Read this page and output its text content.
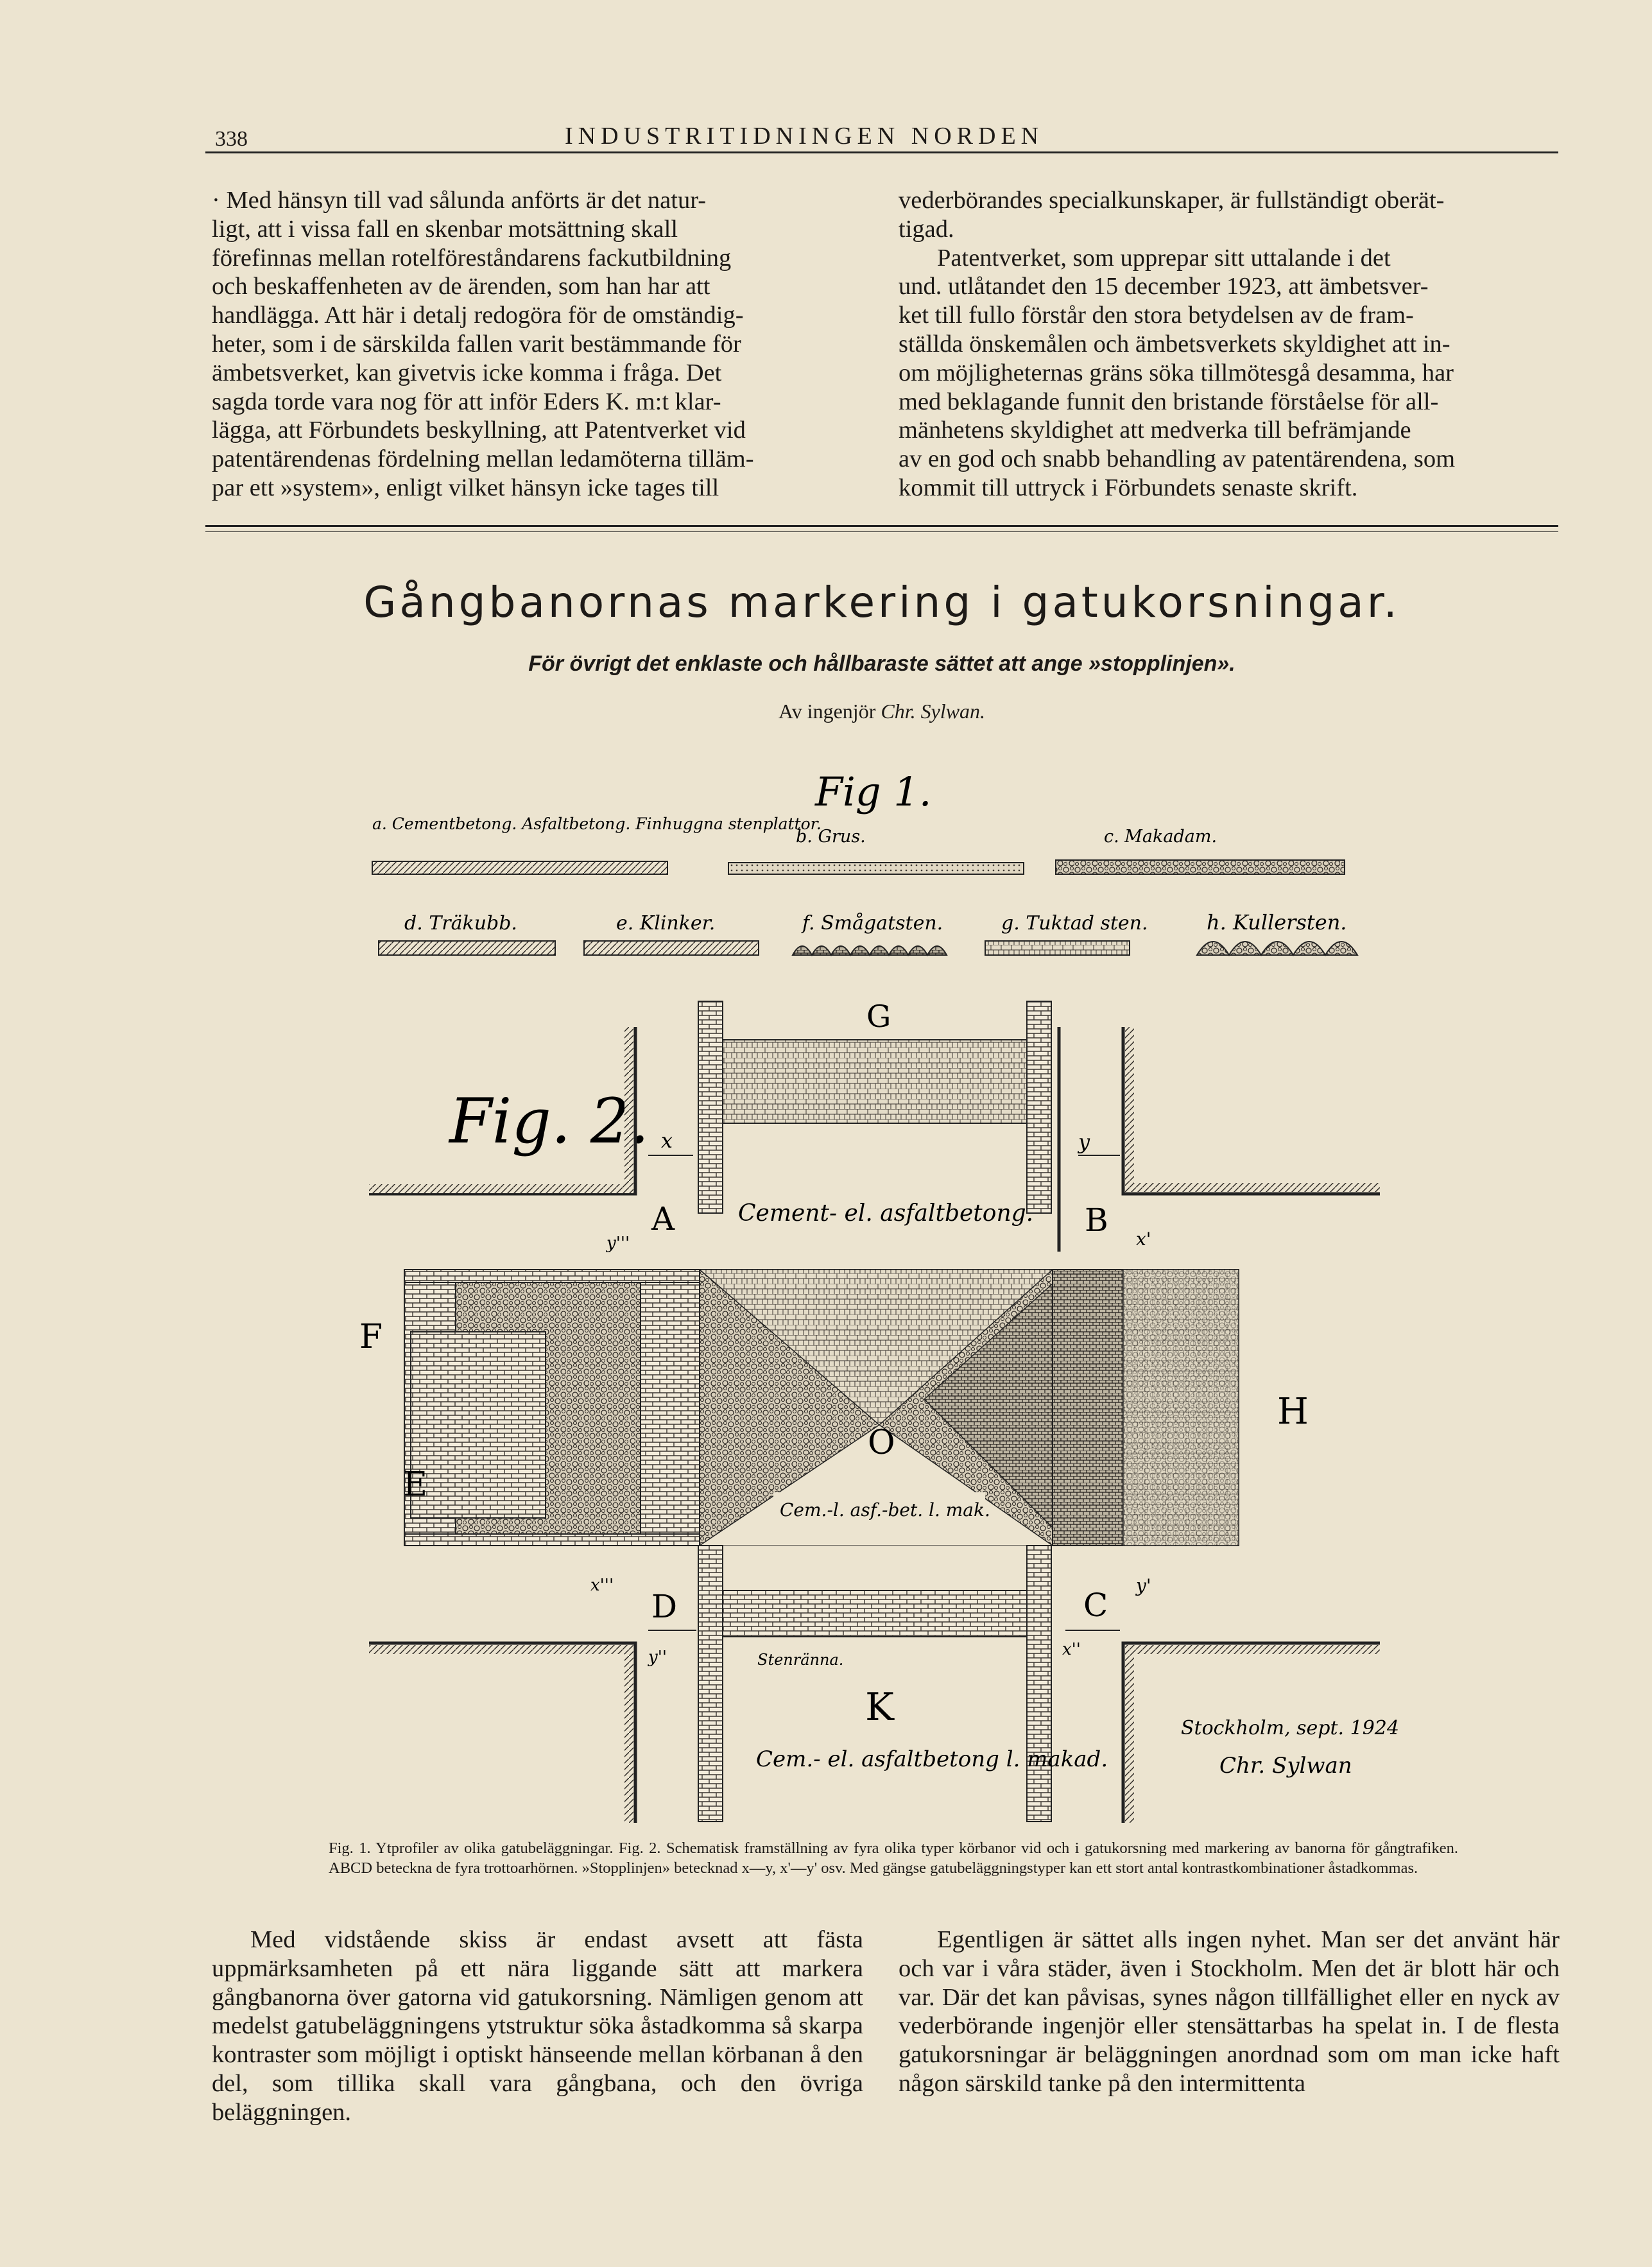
338	INDUSTRITIDNINGEN NORDEN

· Med hänsyn till vad sålunda anförts är det natur-

ligt, att i vissa fall en skenbar motsättning skall

förefinnas mellan rotelföreståndarens fackutbildning

och beskaffenheten av de ärenden, som han har att

handlägga. Att här i detalj redogöra för de omständig-

heter, som i de särskilda fallen varit bestämmande för

ämbetsverket, kan givetvis icke komma i fråga. Det

sagda torde vara nog för att inför Eders K. m:t klar-

lägga, att Förbundets beskyllning, att Patentverket vid

patentärendenas fördelning mellan ledamöterna tilläm-

par ett »system», enligt vilket hänsyn icke tages till

vederbörandes specialkunskaper, är fullständigt oberät-

tigad.

Patentverket, som upprepar sitt uttalande i det

und. utlåtandet den 15 december 1923, att ämbetsver-

ket till fullo förstår den stora betydelsen av de fram-

ställda önskemålen och ämbetsverkets skyldighet att in-

om möjligheternas gräns söka tillmötesgå desamma, har

med beklagande funnit den bristande förståelse för all-

mänhetens skyldighet att medverka till befrämjande

av en god och snabb behandling av patentärendena, som

kommit till uttryck i Förbundets senaste skrift.

Gångbanornas markering i gatukorsningar.
För övrigt det enklaste och hållbaraste sättet att ange »stopplinjen».
Av ingenjör Chr. Sylwan.
Fig 1.
a. Cementbetong. Asfaltbetong. Finhuggna stenplattor.
b. Grus.	c. Makadam.
d. Träkubb.	e. Klinker.	f. Smågatsten.	g. Tuktad sten.	h. Kullersten.
Fig. 2.
G
F
E
H
K
O
A	B
C
D
x	y
x'
y'
x''
y''
x'''
y'''
Cement- el. asfaltbetong.
Cem.-l. asf.-bet. l. mak.
Stenränna.
Cem.- el. asfaltbetong l. makad.
Stockholm, sept. 1924
Chr. Sylwan
Fig. 1. Ytprofiler av olika gatubeläggningar. Fig. 2. Schematisk framställning av fyra olika typer körbanor vid och i gatukorsning med markering av banorna för gångtrafiken. ABCD beteckna de fyra trottoarhörnen. »Stopplinjen» betecknad x—y, x'—y' osv. Med gängse gatubeläggningstyper kan ett stort antal kontrastkombinationer åstadkommas.
Med vidstående skiss är endast avsett att fästa uppmärksamheten på ett nära liggande sätt att markera gångbanorna över gatorna vid gatukorsning. Nämligen genom att medelst gatubeläggningens ytstruktur söka åstadkomma så skarpa kontraster som möjligt i optiskt hänseende mellan körbanan å den del, som tillika skall vara gångbana, och den övriga beläggningen.
Egentligen är sättet alls ingen nyhet. Man ser det använt här och var i våra städer, även i Stockholm. Men det är blott här och var. Där det kan påvisas, synes någon tillfällighet eller en nyck av vederbörande ingenjör eller stensättarbas ha spelat in. I de flesta gatukorsningar är beläggningen anordnad som om man icke haft någon särskild tanke på den intermittenta
